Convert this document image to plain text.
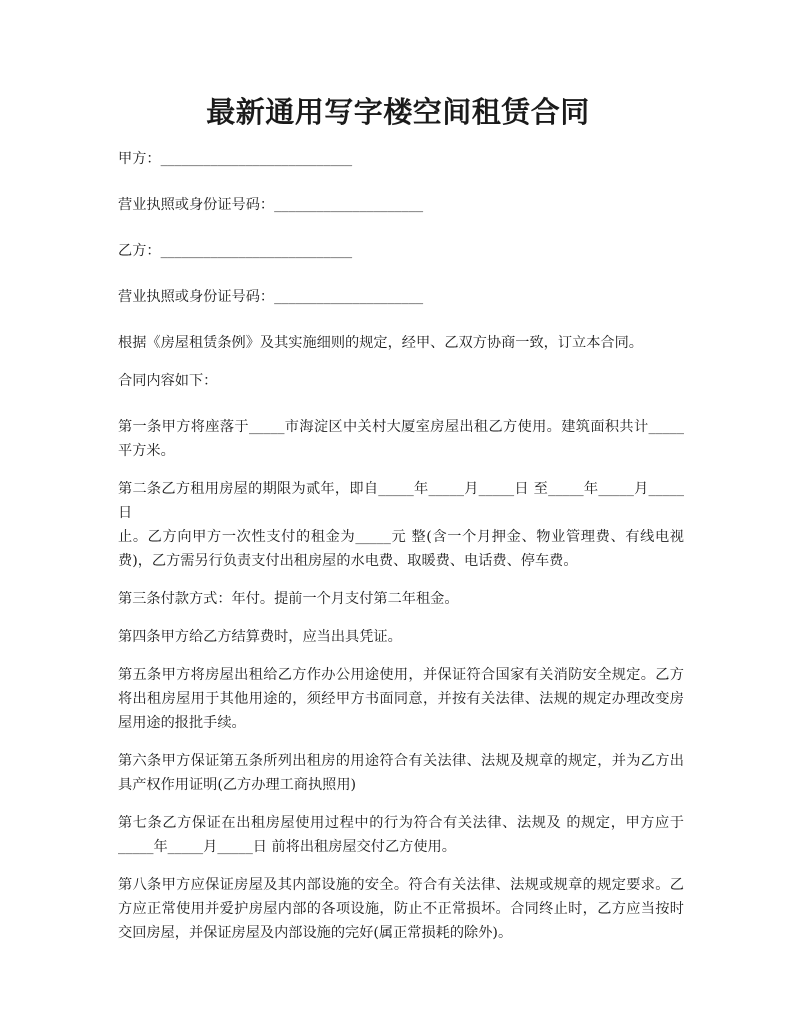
最新通用写字楼空间租赁合同

甲方：___________________________

营业执照或身份证号码：_____________________

乙方：___________________________

营业执照或身份证号码：_____________________

根据《房屋租赁条例》及其实施细则的规定，经甲、乙双方协商一致，订立本合同。

合同内容如下：

第一条甲方将座落于_____市海淀区中关村大厦室房屋出租乙方使用。建筑面积共计_____平方米。

第二条乙方租用房屋的期限为贰年，即自_____年_____月_____日 至_____年_____月_____日

止。乙方向甲方一次性支付的租金为_____元 整(含一个月押金、物业管理费、有线电视费)，乙方需另行负责支付出租房屋的水电费、取暖费、电话费、停车费。

第三条付款方式：年付。提前一个月支付第二年租金。

第四条甲方给乙方结算费时，应当出具凭证。

第五条甲方将房屋出租给乙方作办公用途使用，并保证符合国家有关消防安全规定。乙方将出租房屋用于其他用途的，须经甲方书面同意，并按有关法律、法规的规定办理改变房屋用途的报批手续。

第六条甲方保证第五条所列出租房的用途符合有关法律、法规及规章的规定，并为乙方出具产权作用证明(乙方办理工商执照用)

第七条乙方保证在出租房屋使用过程中的行为符合有关法律、法规及 的规定，甲方应于_____年_____月_____日 前将出租房屋交付乙方使用。

第八条甲方应保证房屋及其内部设施的安全。符合有关法律、法规或规章的规定要求。乙方应正常使用并爱护房屋内部的各项设施，防止不正常损坏。合同终止时，乙方应当按时交回房屋，并保证房屋及内部设施的完好(属正常损耗的除外)。
